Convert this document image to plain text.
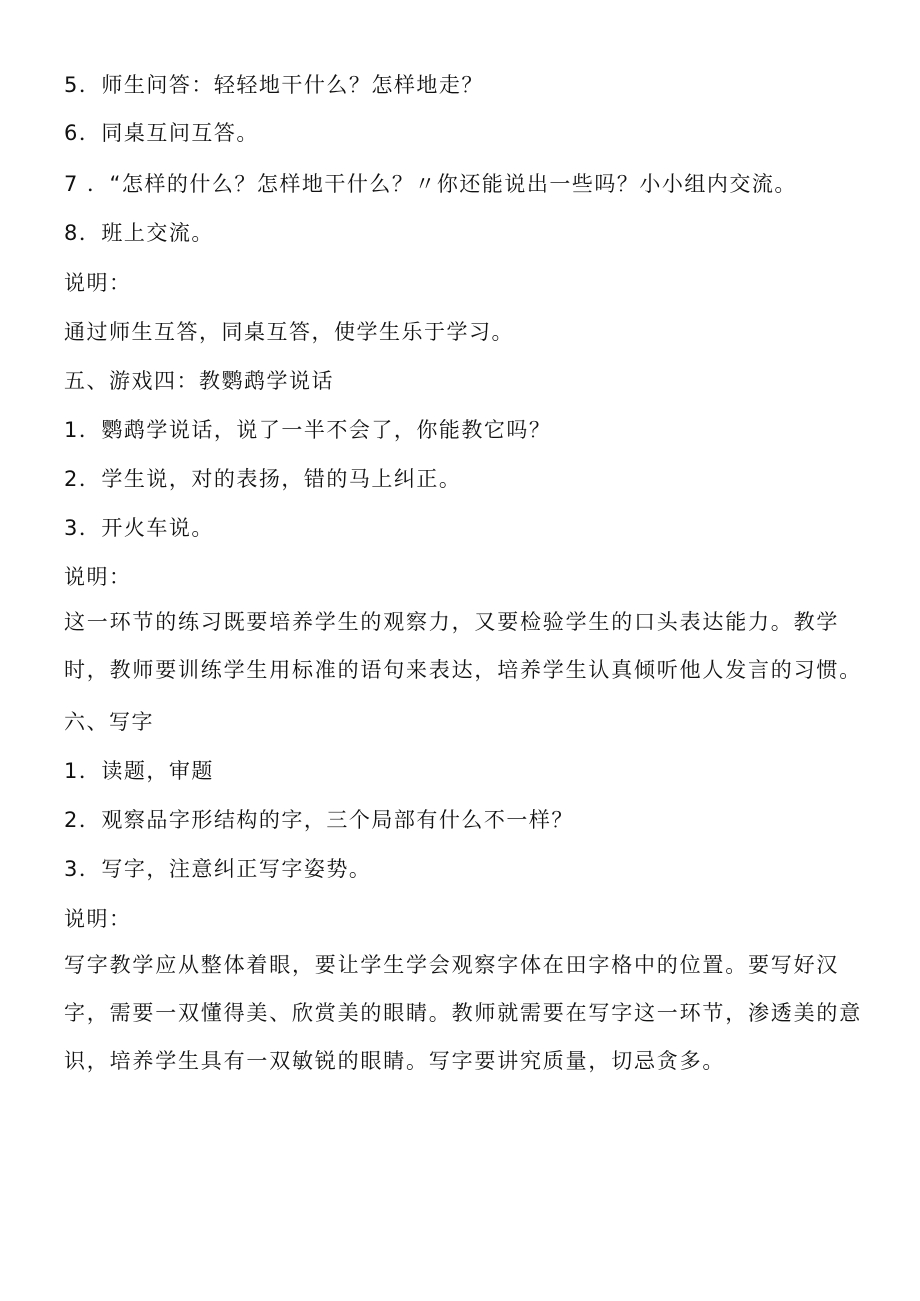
5．师生问答：轻轻地干什么？怎样地走？

6．同桌互问互答。

7 ．“怎样的什么？怎样地干什么？〃你还能说出一些吗？小小组内交流。

8．班上交流。

说明：

通过师生互答，同桌互答，使学生乐于学习。

五、游戏四：教鹦鹉学说话

1．鹦鹉学说话，说了一半不会了，你能教它吗？

2．学生说，对的表扬，错的马上纠正。

3．开火车说。

说明：

这一环节的练习既要培养学生的观察力，又要检验学生的口头表达能力。教学时，教师要训练学生用标准的语句来表达，培养学生认真倾听他人发言的习惯。

六、写字

1．读题，审题

2．观察品字形结构的字，三个局部有什么不一样？

3．写字，注意纠正写字姿势。

说明：

写字教学应从整体着眼，要让学生学会观察字体在田字格中的位置。要写好汉字，需要一双懂得美、欣赏美的眼睛。教师就需要在写字这一环节，渗透美的意识，培养学生具有一双敏锐的眼睛。写字要讲究质量，切忌贪多。
